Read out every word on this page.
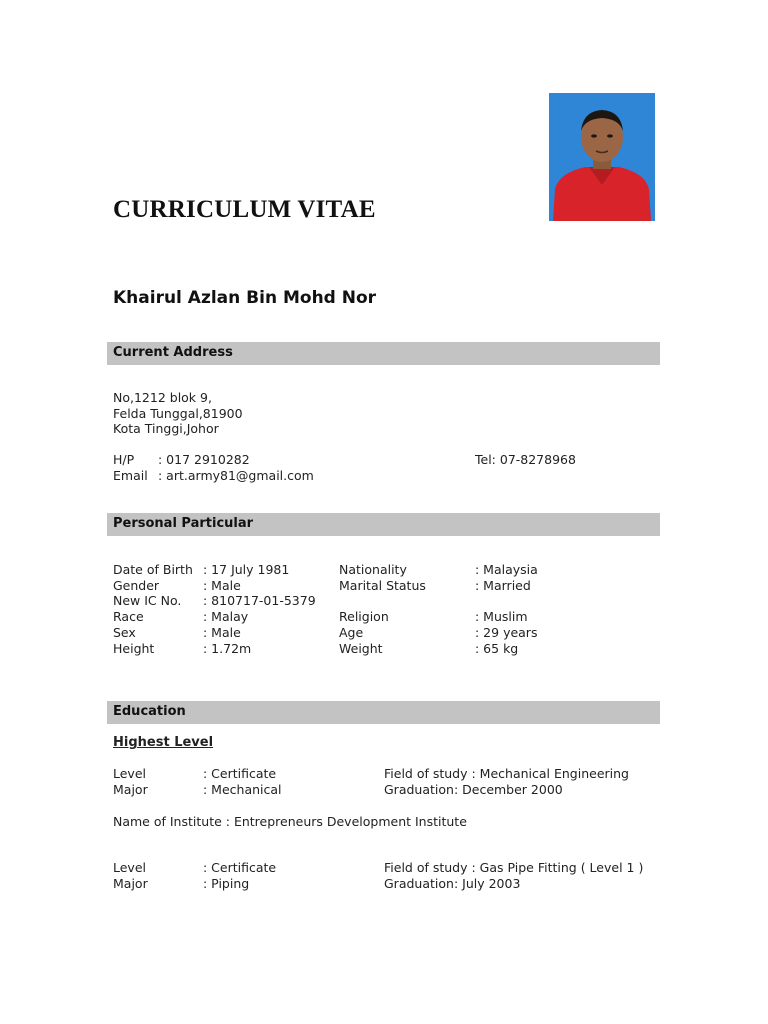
CURRICULUM VITAE
Khairul Azlan Bin Mohd Nor
Current Address
No,1212 blok 9,
Felda Tunggal,81900
Kota Tinggi,Johor
H/P : 017 2910282	Tel: 07-8278968
Email : art.army81@gmail.com
Personal Particular
Date of Birth
Gender
New IC No.
Race
Sex
Height
: 17 July 1981
: Male
: 810717-01-5379
: Malay
: Male
: 1.72m
Nationality
Marital Status

Religion
Age
Weight
: Malaysia
: Married

: Muslim
: 29 years
: 65 kg
Education
Highest Level
Level
Major
: Certificate
: Mechanical
Field of study : Mechanical Engineering
Graduation: December 2000
Name of Institute : Entrepreneurs Development Institute
Level
Major
: Certificate
: Piping
Field of study : Gas Pipe Fitting ( Level 1 )
Graduation: July 2003
